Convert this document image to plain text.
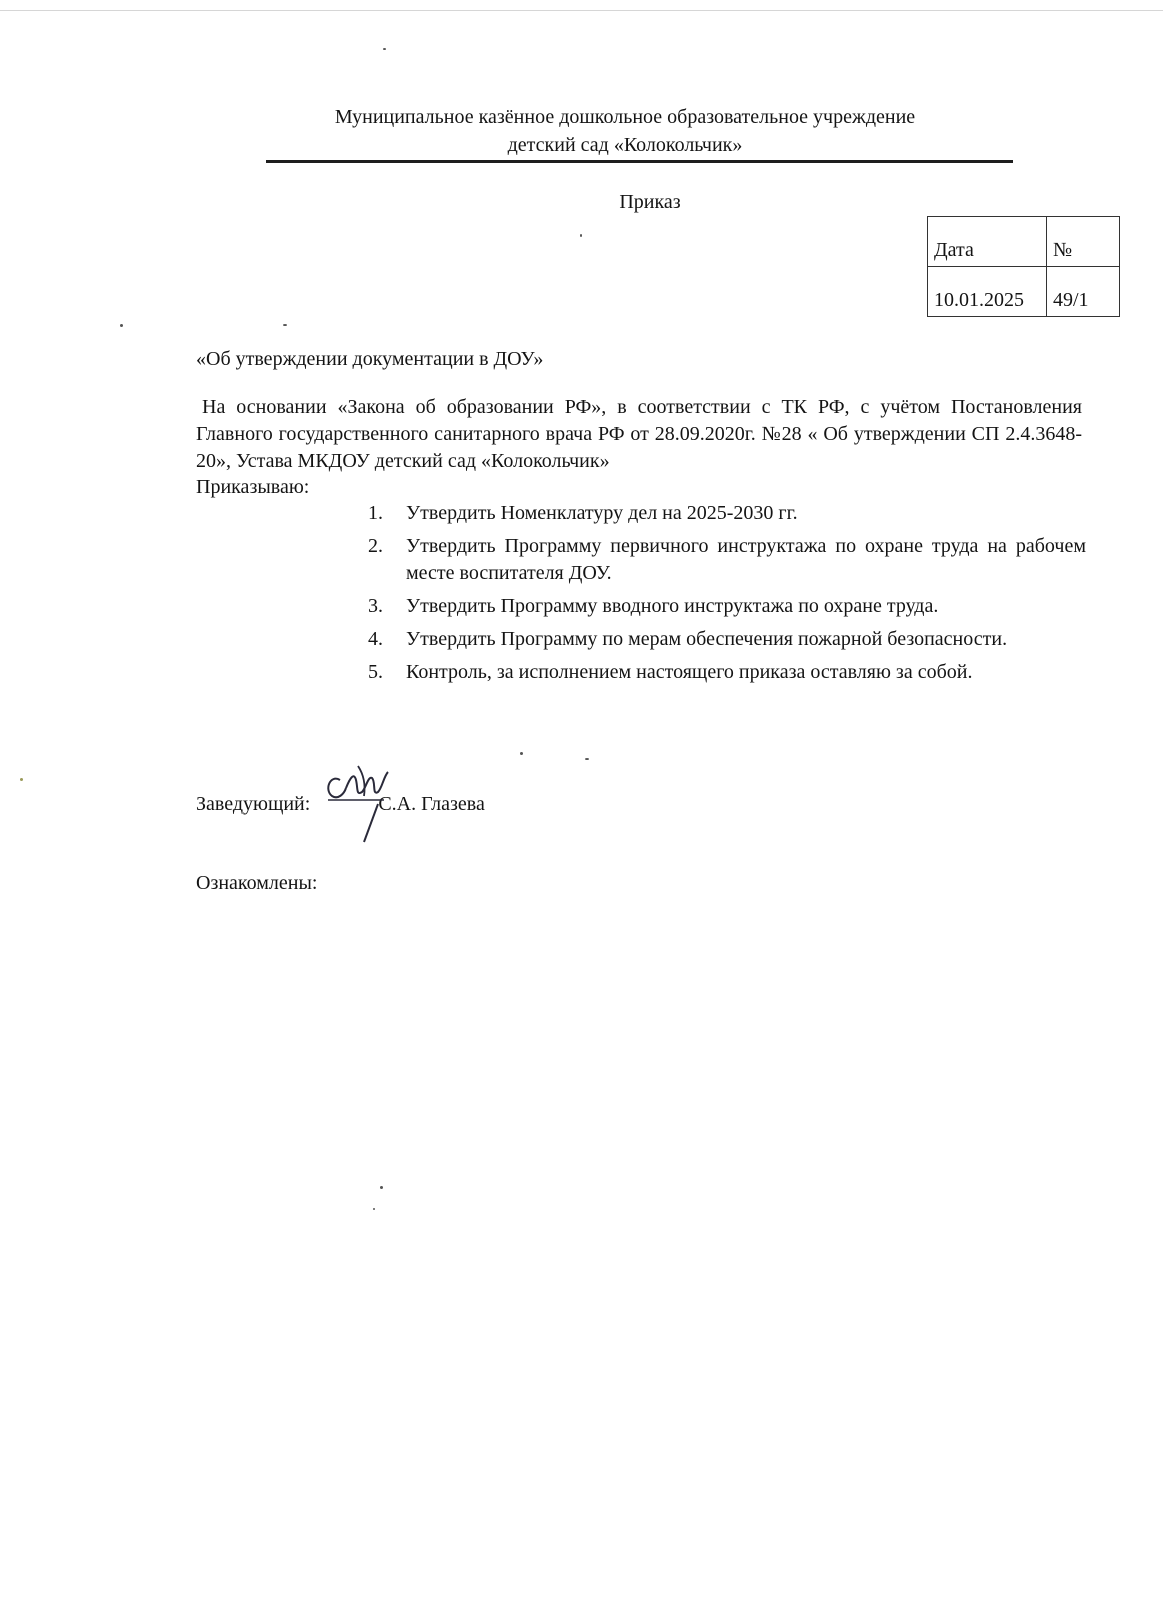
Муниципальное казённое дошкольное образовательное учреждение
детский сад «Колокольчик»
Приказ
Дата	№
10.01.2025	49/1
«Об утверждении документации в ДОУ»

На основании «Закона об образовании РФ», в соответствии с ТК РФ, с учётом Постановления Главного государственного санитарного врача РФ от 28.09.2020г. №28 « Об утверждении СП 2.4.3648-20», Устава МКДОУ детский сад «Колокольчик»

Приказываю:
1. Утвердить Номенклатуру дел на 2025-2030 гг.
2. Утвердить Программу первичного инструктажа по охране труда на рабочем месте воспитателя ДОУ.
3. Утвердить Программу вводного инструктажа по охране труда.
4. Утвердить Программу по мерам обеспечения пожарной безопасности.
5. Контроль, за исполнением настоящего приказа оставляю за собой.
Заведующий:	С.А. Глазева
Ознакомлены:
